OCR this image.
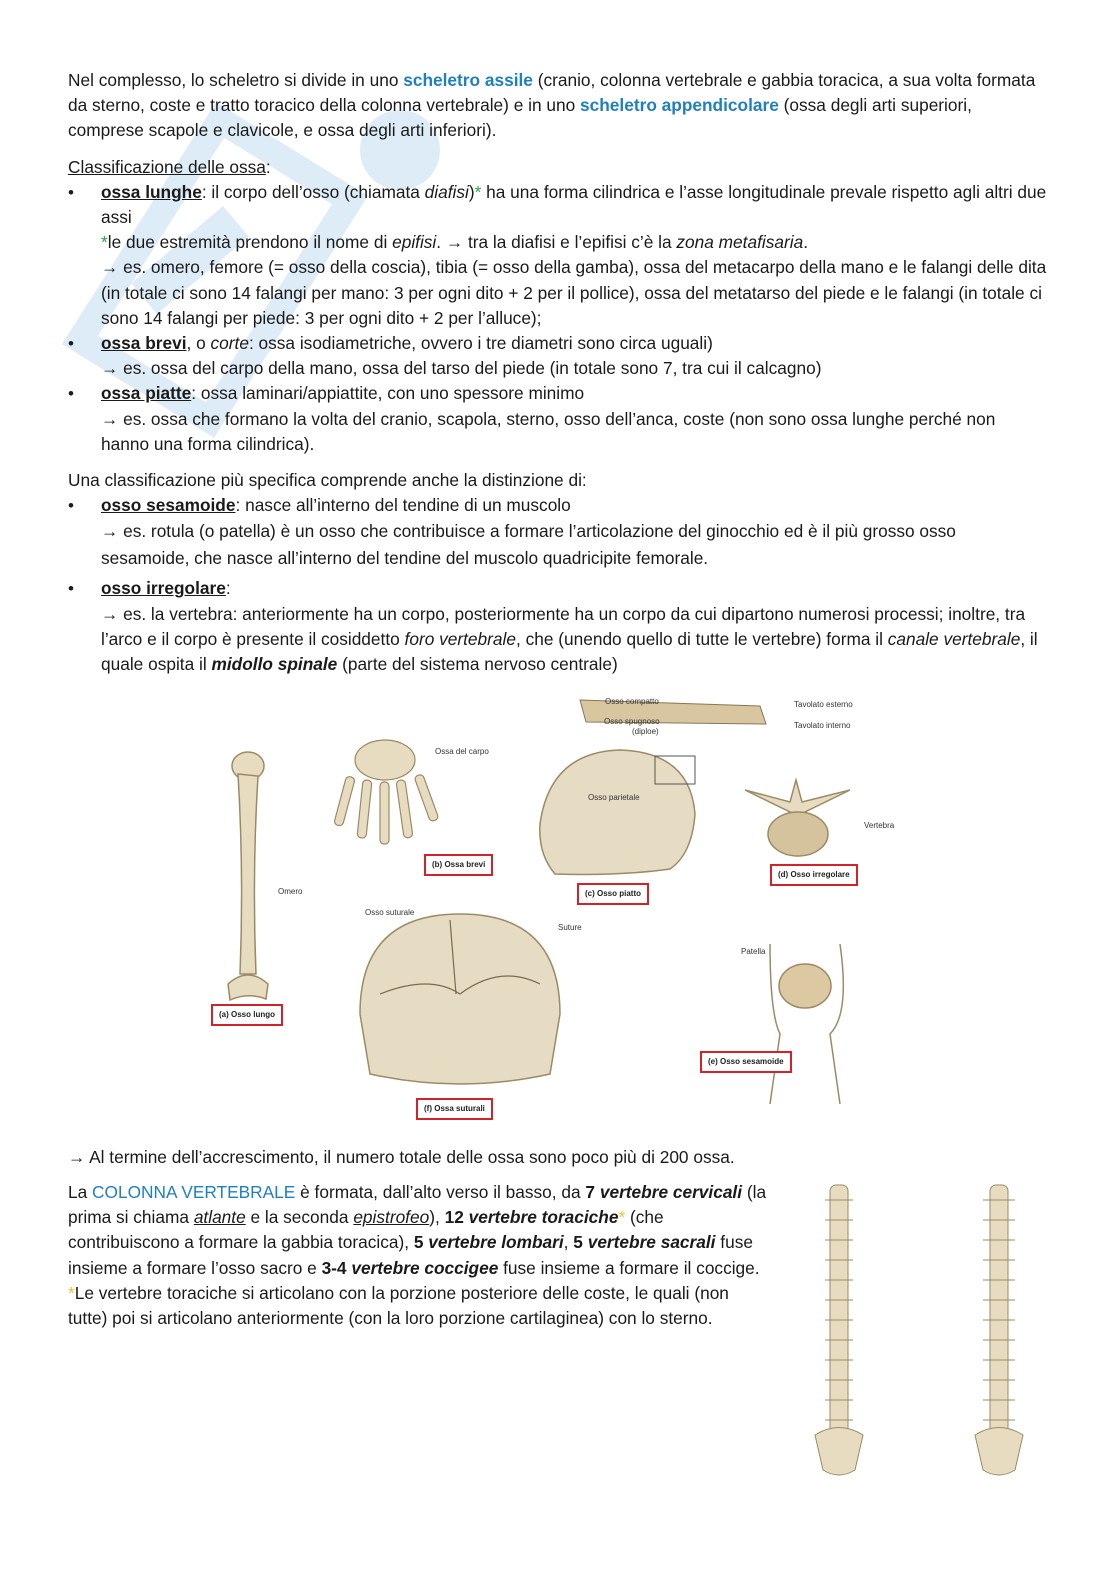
Nel complesso, lo scheletro si divide in uno scheletro assile (cranio, colonna vertebrale e gabbia toracica, a sua volta formata da sterno, coste e tratto toracico della colonna vertebrale) e in uno scheletro appendicolare (ossa degli arti superiori, comprese scapole e clavicole, e ossa degli arti inferiori).

Classificazione delle ossa:

• ossa lunghe: il corpo dell’osso (chiamata diafisi)* ha una forma cilindrica e l’asse longitudinale prevale rispetto agli altri due assi
*le due estremità prendono il nome di epifisi. → tra la diafisi e l’epifisi c’è la zona metafisaria.
→ es. omero, femore (= osso della coscia), tibia (= osso della gamba), ossa del metacarpo della mano e le falangi delle dita (in totale ci sono 14 falangi per mano: 3 per ogni dito + 2 per il pollice), ossa del metatarso del piede e le falangi (in totale ci sono 14 falangi per piede: 3 per ogni dito + 2 per l’alluce);
• ossa brevi, o corte: ossa isodiametriche, ovvero i tre diametri sono circa uguali)
→ es. ossa del carpo della mano, ossa del tarso del piede (in totale sono 7, tra cui il calcagno)
• ossa piatte: ossa laminari/appiattite, con uno spessore minimo
→ es. ossa che formano la volta del cranio, scapola, sterno, osso dell’anca, coste (non sono ossa lunghe perché non hanno una forma cilindrica).

Una classificazione più specifica comprende anche la distinzione di:

• osso sesamoide: nasce all’interno del tendine di un muscolo
→ es. rotula (o patella) è un osso che contribuisce a formare l’articolazione del ginocchio ed è il più grosso osso sesamoide, che nasce all’interno del tendine del muscolo quadricipite femorale.
• osso irregolare:
→ es. la vertebra: anteriormente ha un corpo, posteriormente ha un corpo da cui dipartono numerosi processi; inoltre, tra l’arco e il corpo è presente il cosiddetto foro vertebrale, che (unendo quello di tutte le vertebre) forma il canale vertebrale, il quale ospita il midollo spinale (parte del sistema nervoso centrale)
Osso compatto
Osso spugnoso
(diploe)
Tavolato esterno
Tavolato interno
Ossa del carpo
Osso parietale
Vertebra
Omero
Osso suturale
Suture
Patella
(b) Ossa brevi
(c) Osso piatto
(d) Osso irregolare
(a) Osso lungo
(e) Osso sesamoide
(f) Ossa suturali

→ Al termine dell’accrescimento, il numero totale delle ossa sono poco più di 200 ossa.

La COLONNA VERTEBRALE è formata, dall’alto verso il basso, da 7 vertebre cervicali (la prima si chiama atlante e la seconda epistrofeo), 12 vertebre toraciche* (che contribuiscono a formare la gabbia toracica), 5 vertebre lombari, 5 vertebre sacrali fuse insieme a formare l’osso sacro e 3-4 vertebre coccigee fuse insieme a formare il coccige.

*Le vertebre toraciche si articolano con la porzione posteriore delle coste, le quali (non tutte) poi si articolano anteriormente (con la loro porzione cartilaginea) con lo sterno.
